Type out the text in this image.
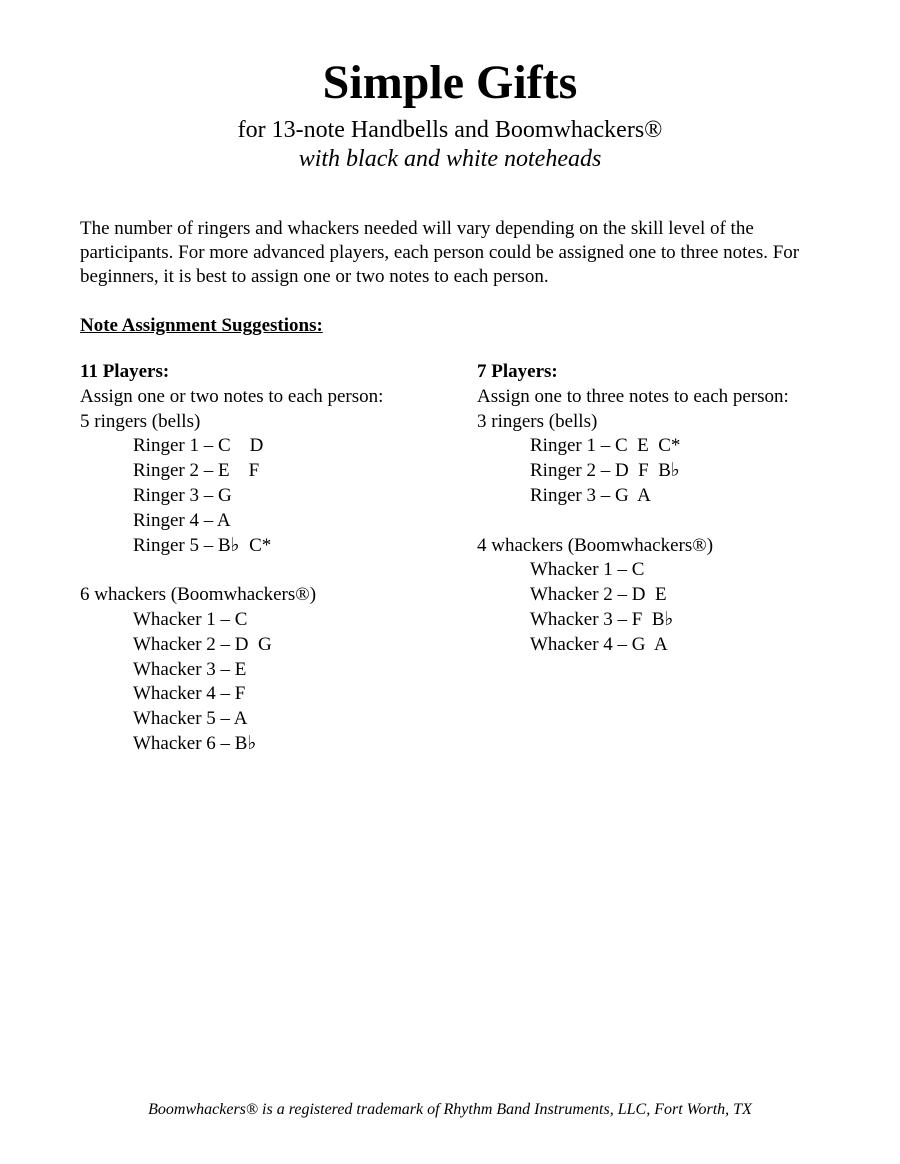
Simple Gifts
for 13-note Handbells and Boomwhackers®
with black and white noteheads

The number of ringers and whackers needed will vary depending on the skill level of the participants. For more advanced players, each person could be assigned one to three notes. For beginners, it is best to assign one or two notes to each person.

Note Assignment Suggestions:
11 Players:
Assign one or two notes to each person:
5 ringers (bells)
Ringer 1 – C    D
Ringer 2 – E    F
Ringer 3 – G
Ringer 4 – A
Ringer 5 – B♭  C*
6 whackers (Boomwhackers®)
Whacker 1 – C
Whacker 2 – D  G
Whacker 3 – E
Whacker 4 – F
Whacker 5 – A
Whacker 6 – B♭
7 Players:
Assign one to three notes to each person:
3 ringers (bells)
Ringer 1 – C  E  C*
Ringer 2 – D  F  B♭
Ringer 3 – G  A
4 whackers (Boomwhackers®)
Whacker 1 – C
Whacker 2 – D  E
Whacker 3 – F  B♭
Whacker 4 – G  A
Boomwhackers® is a registered trademark of Rhythm Band Instruments, LLC, Fort Worth, TX
